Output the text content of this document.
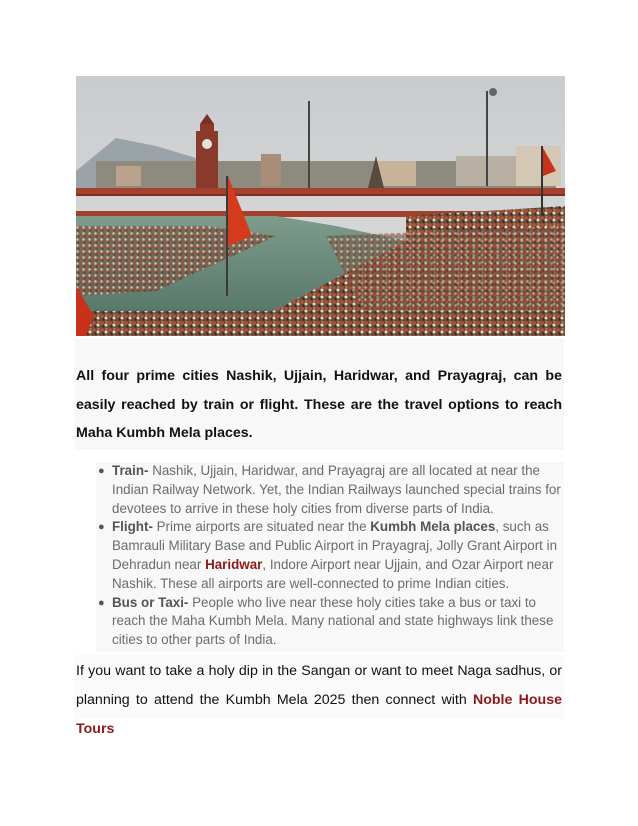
All four prime cities Nashik, Ujjain, Haridwar, and Prayagraj, can be easily reached by train or flight. These are the travel options to reach Maha Kumbh Mela places.

● Train- Nashik, Ujjain, Haridwar, and Prayagraj are all located at near the Indian Railway Network. Yet, the Indian Railways launched special trains for devotees to arrive in these holy cities from diverse parts of India.
● Flight- Prime airports are situated near the Kumbh Mela places, such as Bamrauli Military Base and Public Airport in Prayagraj, Jolly Grant Airport in Dehradun near Haridwar, Indore Airport near Ujjain, and Ozar Airport near Nashik. These all airports are well-connected to prime Indian cities.
● Bus or Taxi- People who live near these holy cities take a bus or taxi to reach the Maha Kumbh Mela. Many national and state highways link these cities to other parts of India.

If you want to take a holy dip in the Sangan or want to meet Naga sadhus, or planning to attend the Kumbh Mela 2025 then connect with Noble House Tours
